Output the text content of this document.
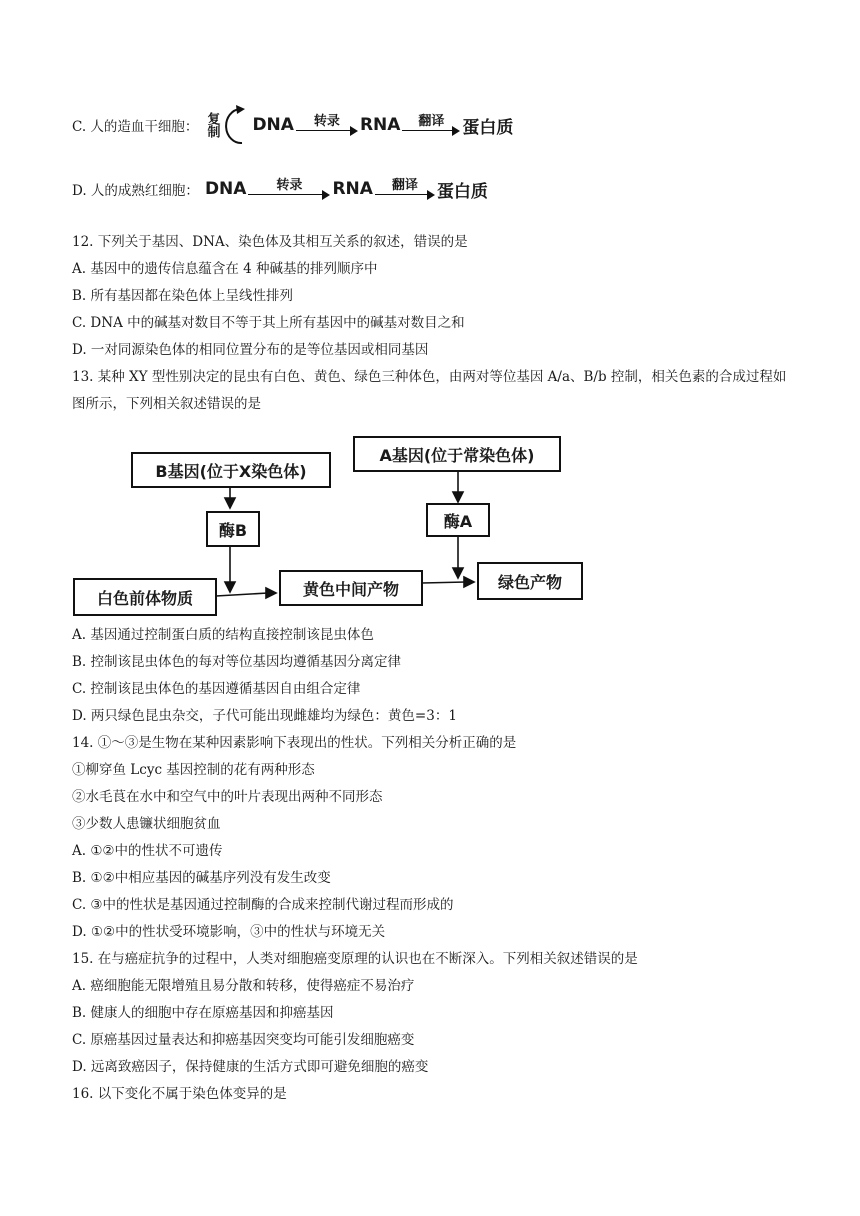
C. 人的造血干细胞： 复制 DNA	转录	RNA	翻译	蛋白质
D. 人的成熟红细胞： DNA	转录	RNA	翻译	蛋白质
12. 下列关于基因、DNA、染色体及其相互关系的叙述，错误的是
A. 基因中的遗传信息蕴含在 4 种碱基的排列顺序中
B. 所有基因都在染色体上呈线性排列
C. DNA 中的碱基对数目不等于其上所有基因中的碱基对数目之和
D. 一对同源染色体的相同位置分布的是等位基因或相同基因
13. 某种 XY 型性别决定的昆虫有白色、黄色、绿色三种体色，由两对等位基因 A/a、B/b 控制，相关色素的合成过程如图所示，下列相关叙述错误的是
B基因(位于X染色体)
A基因(位于常染色体)
酶B	酶A
白色前体物质	黄色中间产物	绿色产物
A. 基因通过控制蛋白质的结构直接控制该昆虫体色
B. 控制该昆虫体色的每对等位基因均遵循基因分离定律
C. 控制该昆虫体色的基因遵循基因自由组合定律
D. 两只绿色昆虫杂交，子代可能出现雌雄均为绿色：黄色=3：1
14. ①～③是生物在某种因素影响下表现出的性状。下列相关分析正确的是
①柳穿鱼 Lcyc 基因控制的花有两种形态
②水毛茛在水中和空气中的叶片表现出两种不同形态
③少数人患镰状细胞贫血
A. ①②中的性状不可遗传
B. ①②中相应基因的碱基序列没有发生改变
C. ③中的性状是基因通过控制酶的合成来控制代谢过程而形成的
D. ①②中的性状受环境影响，③中的性状与环境无关
15. 在与癌症抗争的过程中，人类对细胞癌变原理的认识也在不断深入。下列相关叙述错误的是
A. 癌细胞能无限增殖且易分散和转移，使得癌症不易治疗
B. 健康人的细胞中存在原癌基因和抑癌基因
C. 原癌基因过量表达和抑癌基因突变均可能引发细胞癌变
D. 远离致癌因子，保持健康的生活方式即可避免细胞的癌变
16. 以下变化不属于染色体变异的是
